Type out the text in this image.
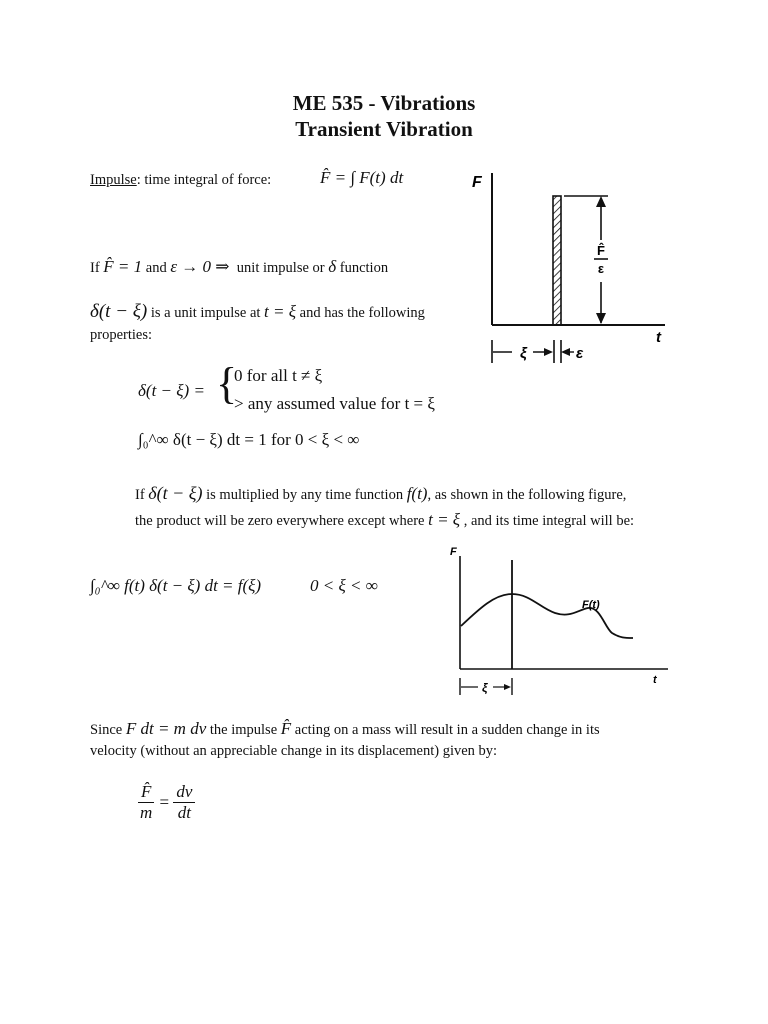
ME 535 - Vibrations
Transient Vibration
Impulse: time integral of force:	F̂ = ∫ F(t) dt
If F̂ = 1 and ε → 0 ⇒ unit impulse or δ function
δ(t − ξ) is a unit impulse at t = ξ and has the following
properties:
δ(t − ξ) = {
0 for all t ≠ ξ
> any assumed value for t = ξ
∫₀^∞ δ(t − ξ) dt = 1 for 0 < ξ < ∞
If δ(t − ξ) is multiplied by any time function f(t), as shown in the following figure,
the product will be zero everywhere except where t = ξ , and its time integral will be:
∫₀^∞ f(t) δ(t − ξ) dt = f(ξ)	0 < ξ < ∞
Since F dt = m dv the impulse F̂ acting on a mass will result in a sudden change in its
velocity (without an appreciable change in its displacement) given by:
$\frac{F̂}{m} = \frac{dv}{dt}$
F
t
F̂
ε
ξ	ε
F
t
F(t)
ξ
